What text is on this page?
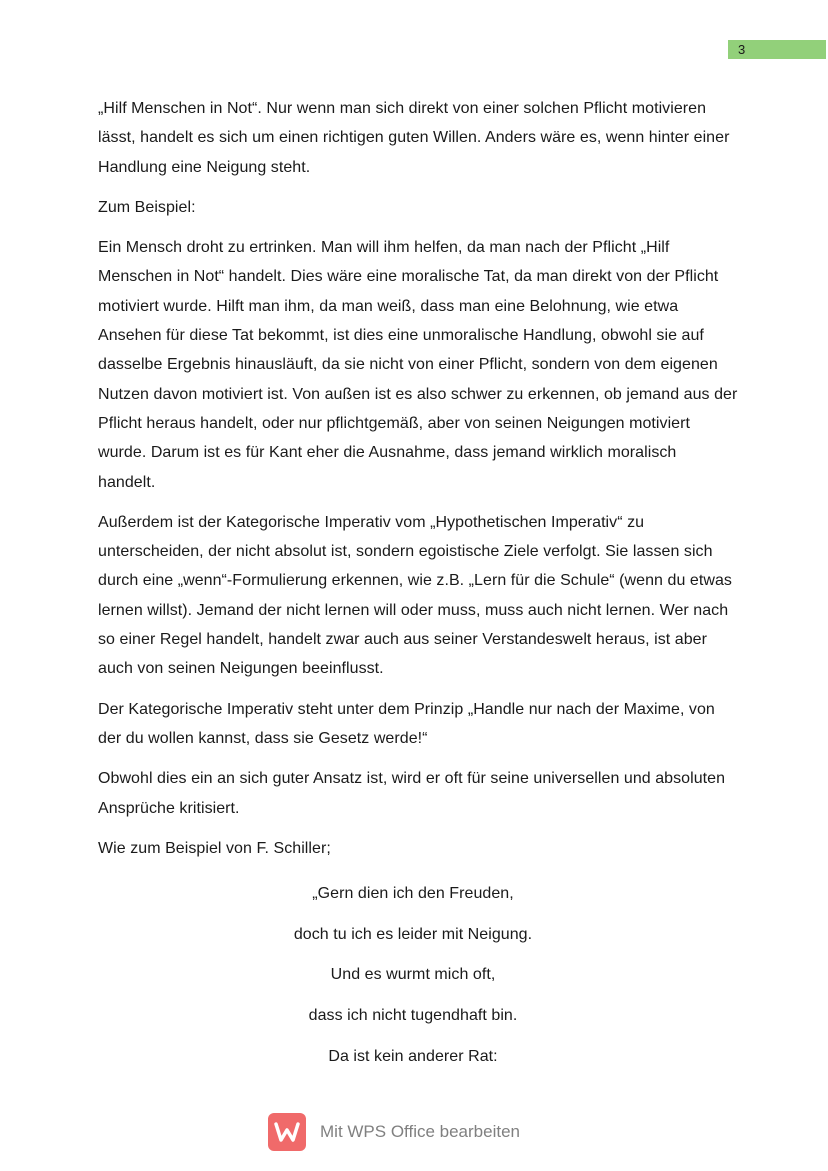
3

„Hilf Menschen in Not“. Nur wenn man sich direkt von einer solchen Pflicht motivieren lässt, handelt es sich um einen richtigen guten Willen. Anders wäre es, wenn hinter einer Handlung eine Neigung steht.

Zum Beispiel:

Ein Mensch droht zu ertrinken. Man will ihm helfen, da man nach der Pflicht „Hilf Menschen in Not“ handelt. Dies wäre eine moralische Tat, da man direkt von der Pflicht motiviert wurde. Hilft man ihm, da man weiß, dass man eine Belohnung, wie etwa Ansehen für diese Tat bekommt, ist dies eine unmoralische Handlung, obwohl sie auf dasselbe Ergebnis hinausläuft, da sie nicht von einer Pflicht, sondern von dem eigenen Nutzen davon motiviert ist. Von außen ist es also schwer zu erkennen, ob jemand aus der Pflicht heraus handelt, oder nur pflichtgemäß, aber von seinen Neigungen motiviert wurde. Darum ist es für Kant eher die Ausnahme, dass jemand wirklich moralisch handelt.

Außerdem ist der Kategorische Imperativ vom „Hypothetischen Imperativ“ zu unterscheiden, der nicht absolut ist, sondern egoistische Ziele verfolgt. Sie lassen sich durch eine „wenn“-Formulierung erkennen, wie z.B. „Lern für die Schule“ (wenn du etwas lernen willst). Jemand der nicht lernen will oder muss, muss auch nicht lernen. Wer nach so einer Regel handelt, handelt zwar auch aus seiner Verstandeswelt heraus, ist aber auch von seinen Neigungen beeinflusst.

Der Kategorische Imperativ steht unter dem Prinzip „Handle nur nach der Maxime, von der du wollen kannst, dass sie Gesetz werde!“

Obwohl dies ein an sich guter Ansatz ist, wird er oft für seine universellen und absoluten Ansprüche kritisiert.

Wie zum Beispiel von F. Schiller;

„Gern dien ich den Freuden,
doch tu ich es leider mit Neigung.
Und es wurmt mich oft,
dass ich nicht tugendhaft bin.
Da ist kein anderer Rat:
Mit WPS Office bearbeiten
